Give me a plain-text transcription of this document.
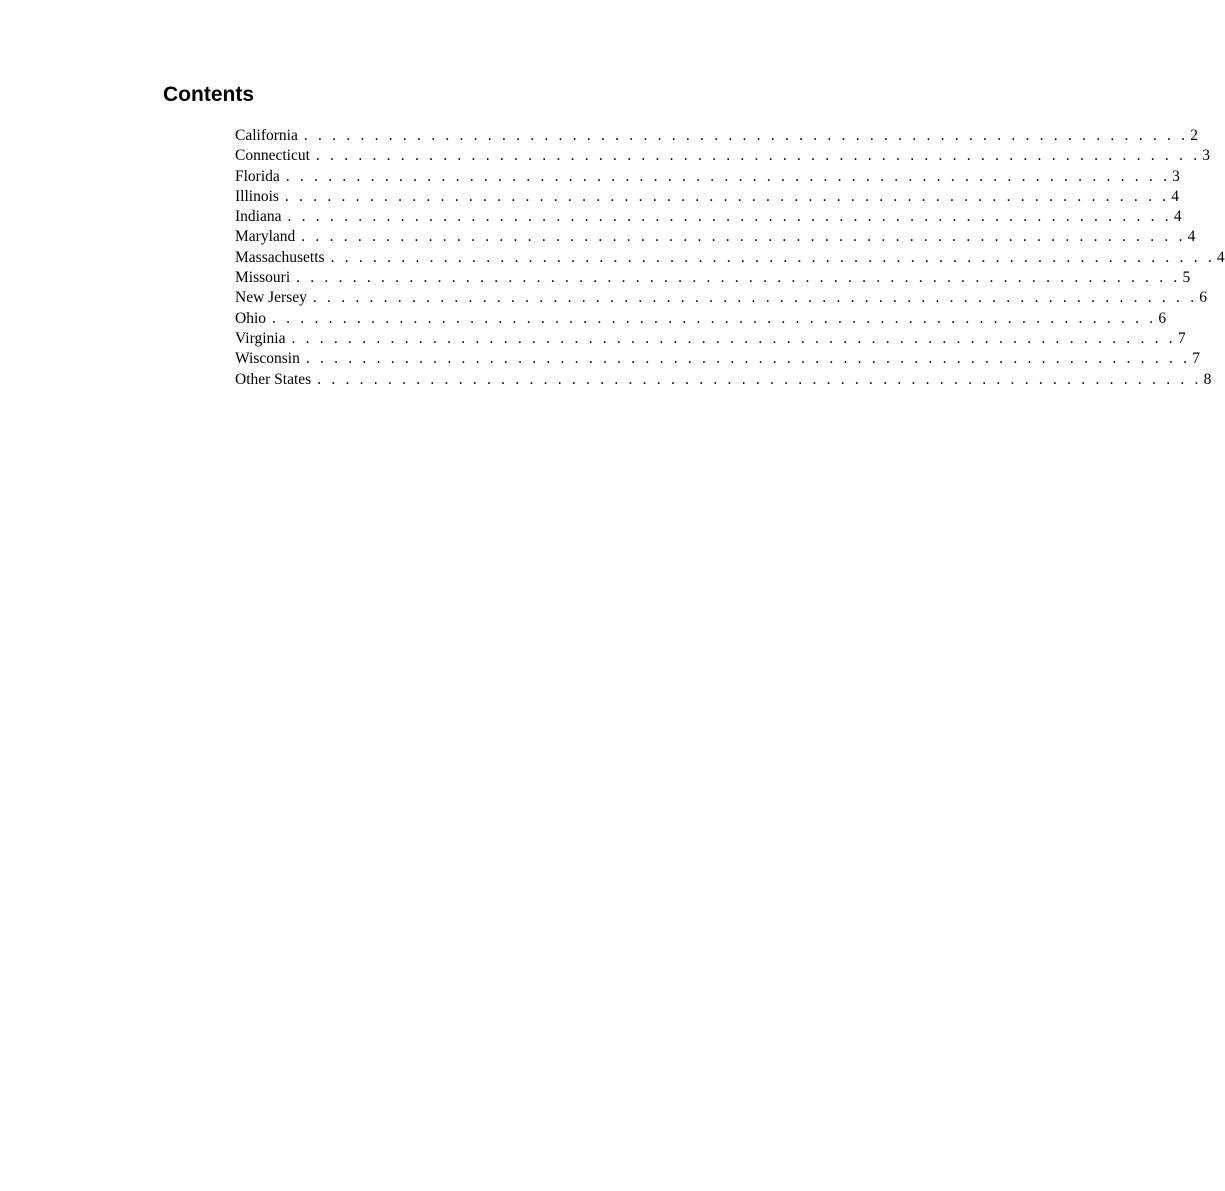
Contents
California . . . . . . . . . . . . . . . . . . . . . . . . . . . . . . . . . . . . . . . . . . . . . . . . . . . . . . . . . . . . . . . 2
Connecticut . . . . . . . . . . . . . . . . . . . . . . . . . . . . . . . . . . . . . . . . . . . . . . . . . . . . . . . . . . . . . . . 3
Florida . . . . . . . . . . . . . . . . . . . . . . . . . . . . . . . . . . . . . . . . . . . . . . . . . . . . . . . . . . . . . . . 3
Illinois . . . . . . . . . . . . . . . . . . . . . . . . . . . . . . . . . . . . . . . . . . . . . . . . . . . . . . . . . . . . . . . 4
Indiana . . . . . . . . . . . . . . . . . . . . . . . . . . . . . . . . . . . . . . . . . . . . . . . . . . . . . . . . . . . . . . . 4
Maryland . . . . . . . . . . . . . . . . . . . . . . . . . . . . . . . . . . . . . . . . . . . . . . . . . . . . . . . . . . . . . . . 4
Massachusetts . . . . . . . . . . . . . . . . . . . . . . . . . . . . . . . . . . . . . . . . . . . . . . . . . . . . . . . . . . . . . . . 4
Missouri . . . . . . . . . . . . . . . . . . . . . . . . . . . . . . . . . . . . . . . . . . . . . . . . . . . . . . . . . . . . . . . 5
New Jersey . . . . . . . . . . . . . . . . . . . . . . . . . . . . . . . . . . . . . . . . . . . . . . . . . . . . . . . . . . . . . . . 6
Ohio . . . . . . . . . . . . . . . . . . . . . . . . . . . . . . . . . . . . . . . . . . . . . . . . . . . . . . . . . . . . . . . 6
Virginia . . . . . . . . . . . . . . . . . . . . . . . . . . . . . . . . . . . . . . . . . . . . . . . . . . . . . . . . . . . . . . . 7
Wisconsin . . . . . . . . . . . . . . . . . . . . . . . . . . . . . . . . . . . . . . . . . . . . . . . . . . . . . . . . . . . . . . . 7
Other States . . . . . . . . . . . . . . . . . . . . . . . . . . . . . . . . . . . . . . . . . . . . . . . . . . . . . . . . . . . . . . . 8
